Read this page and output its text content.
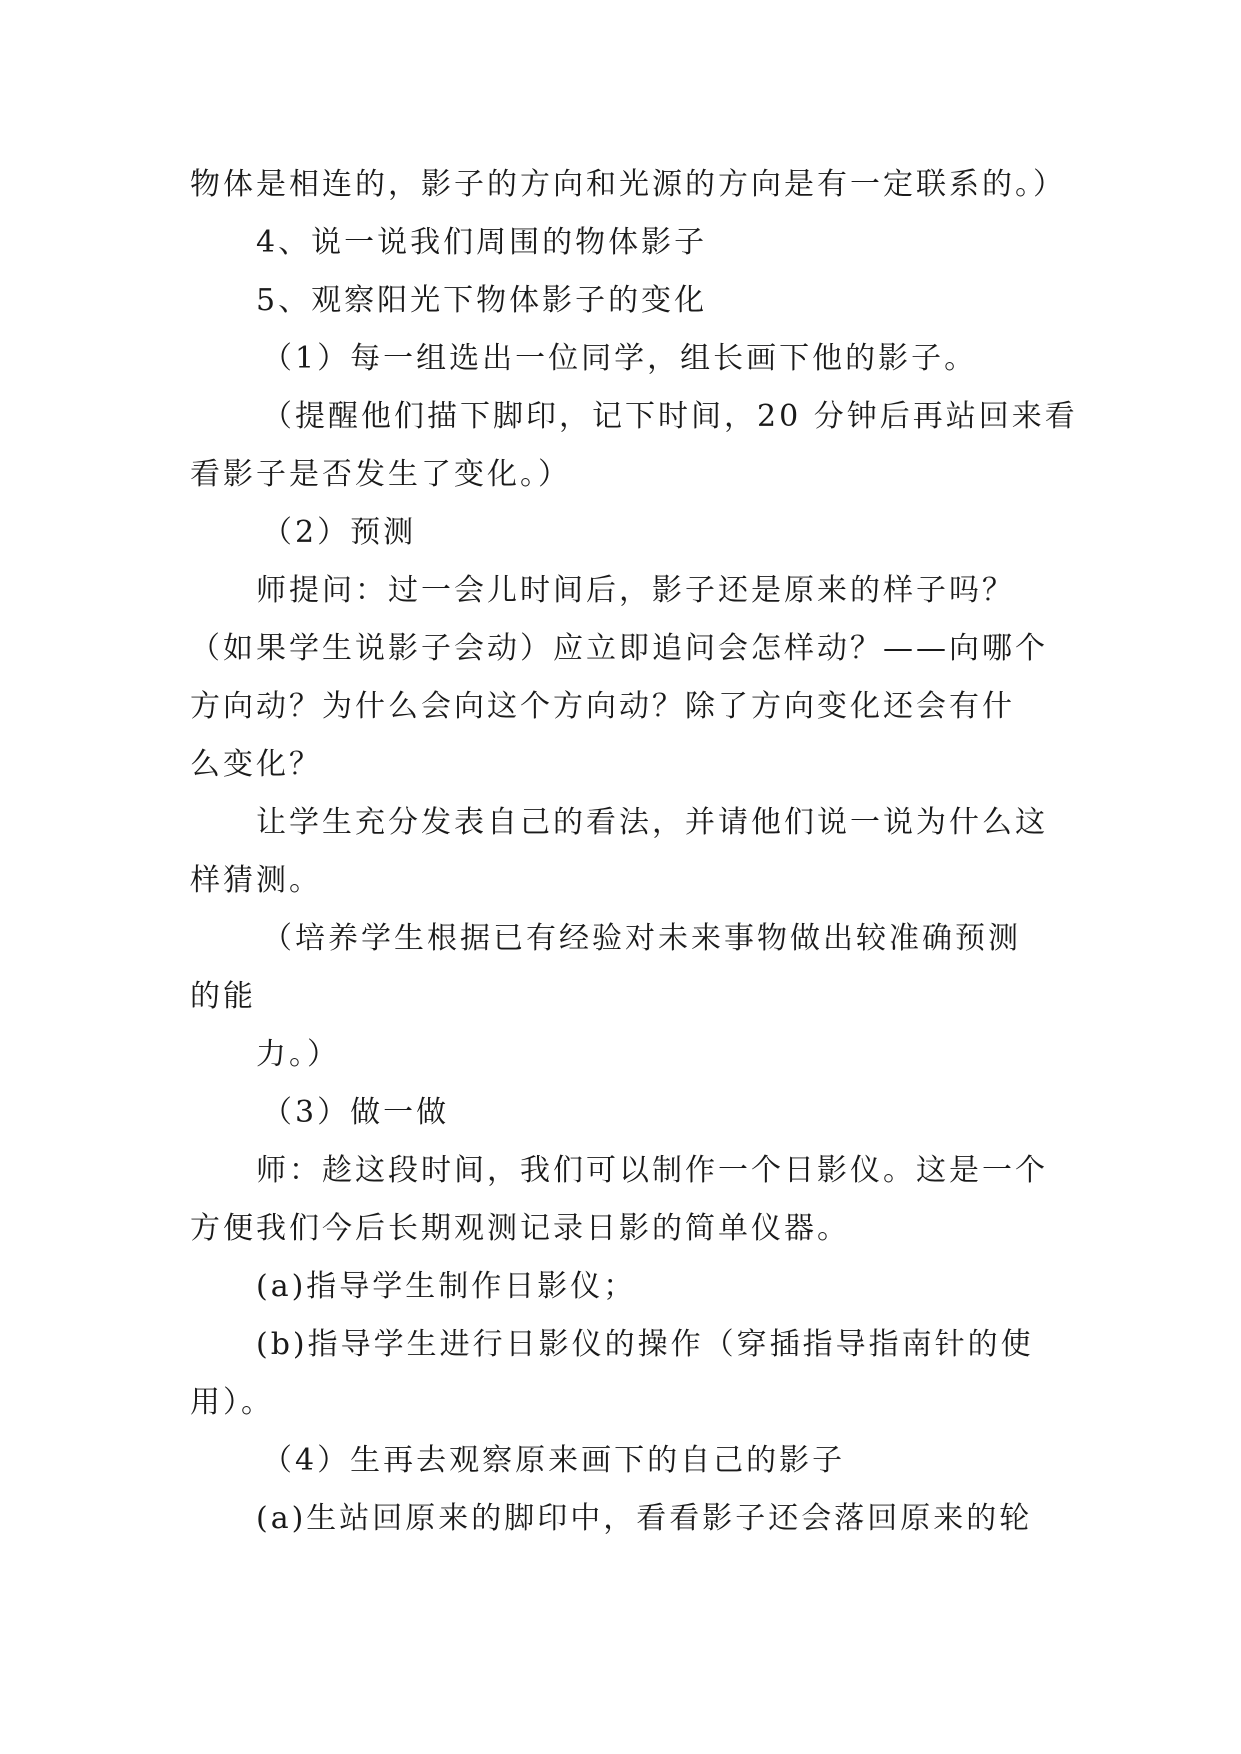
物体是相连的，影子的方向和光源的方向是有一定联系的。）
4、说一说我们周围的物体影子
5、观察阳光下物体影子的变化
（1）每一组选出一位同学，组长画下他的影子。
（提醒他们描下脚印，记下时间，20 分钟后再站回来看
看影子是否发生了变化。）
（2）预测
师提问：过一会儿时间后，影子还是原来的样子吗？
（如果学生说影子会动）应立即追问会怎样动？——向哪个
方向动？为什么会向这个方向动？除了方向变化还会有什
么变化？
让学生充分发表自己的看法，并请他们说一说为什么这
样猜测。
（培养学生根据已有经验对未来事物做出较准确预测
的能
力。）
（3）做一做
师：趁这段时间，我们可以制作一个日影仪。这是一个
方便我们今后长期观测记录日影的简单仪器。
(a)指导学生制作日影仪；
(b)指导学生进行日影仪的操作（穿插指导指南针的使
用）。
（4）生再去观察原来画下的自己的影子
(a)生站回原来的脚印中，看看影子还会落回原来的轮
